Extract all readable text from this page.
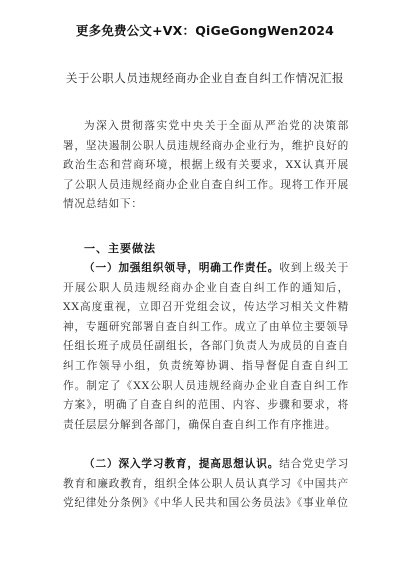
更多免费公文+VX：QiGeGongWen2024
关于公职人员违规经商办企业自查自纠工作情况汇报

为深入贯彻落实党中央关于全面从严治党的决策部署，坚决遏制公职人员违规经商办企业行为，维护良好的政治生态和营商环境，根据上级有关要求，XX认真开展了公职人员违规经商办企业自查自纠工作。现将工作开展情况总结如下：

一、主要做法

（一）加强组织领导，明确工作责任。收到上级关于开展公职人员违规经商办企业自查自纠工作的通知后，XX高度重视，立即召开党组会议，传达学习相关文件精神，专题研究部署自查自纠工作。成立了由单位主要领导任组长班子成员任副组长，各部门负责人为成员的自查自纠工作领导小组，负责统筹协调、指导督促自查自纠工作。制定了《XX公职人员违规经商办企业自查自纠工作方案》，明确了自查自纠的范围、内容、步骤和要求，将责任层层分解到各部门，确保自查自纠工作有序推进。

（二）深入学习教育，提高思想认识。结合党史学习教育和廉政教育，组织全体公职人员认真学习《中国共产党纪律处分条例》《中华人民共和国公务员法》《事业单位
